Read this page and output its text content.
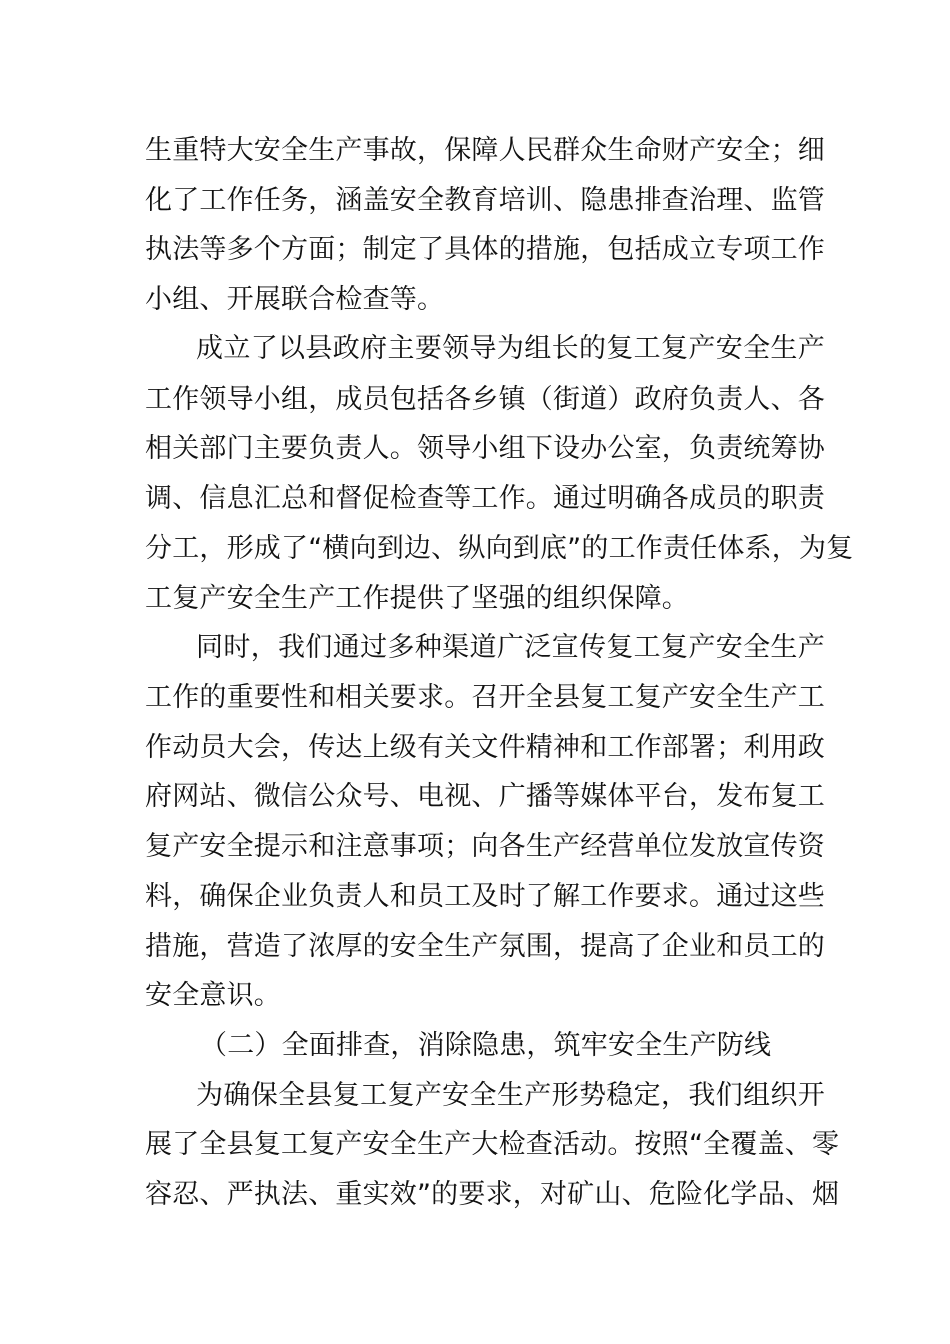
生重特大安全生产事故，保障人民群众生命财产安全；细
化了工作任务，涵盖安全教育培训、隐患排查治理、监管
执法等多个方面；制定了具体的措施，包括成立专项工作
小组、开展联合检查等。
成立了以县政府主要领导为组长的复工复产安全生产
工作领导小组，成员包括各乡镇（街道）政府负责人、各
相关部门主要负责人。领导小组下设办公室，负责统筹协
调、信息汇总和督促检查等工作。通过明确各成员的职责
分工，形成了“横向到边、纵向到底”的工作责任体系，为复
工复产安全生产工作提供了坚强的组织保障。
同时，我们通过多种渠道广泛宣传复工复产安全生产
工作的重要性和相关要求。召开全县复工复产安全生产工
作动员大会，传达上级有关文件精神和工作部署；利用政
府网站、微信公众号、电视、广播等媒体平台，发布复工
复产安全提示和注意事项；向各生产经营单位发放宣传资
料，确保企业负责人和员工及时了解工作要求。通过这些
措施，营造了浓厚的安全生产氛围，提高了企业和员工的
安全意识。
（二）全面排查，消除隐患，筑牢安全生产防线
为确保全县复工复产安全生产形势稳定，我们组织开
展了全县复工复产安全生产大检查活动。按照“全覆盖、零
容忍、严执法、重实效”的要求，对矿山、危险化学品、烟
